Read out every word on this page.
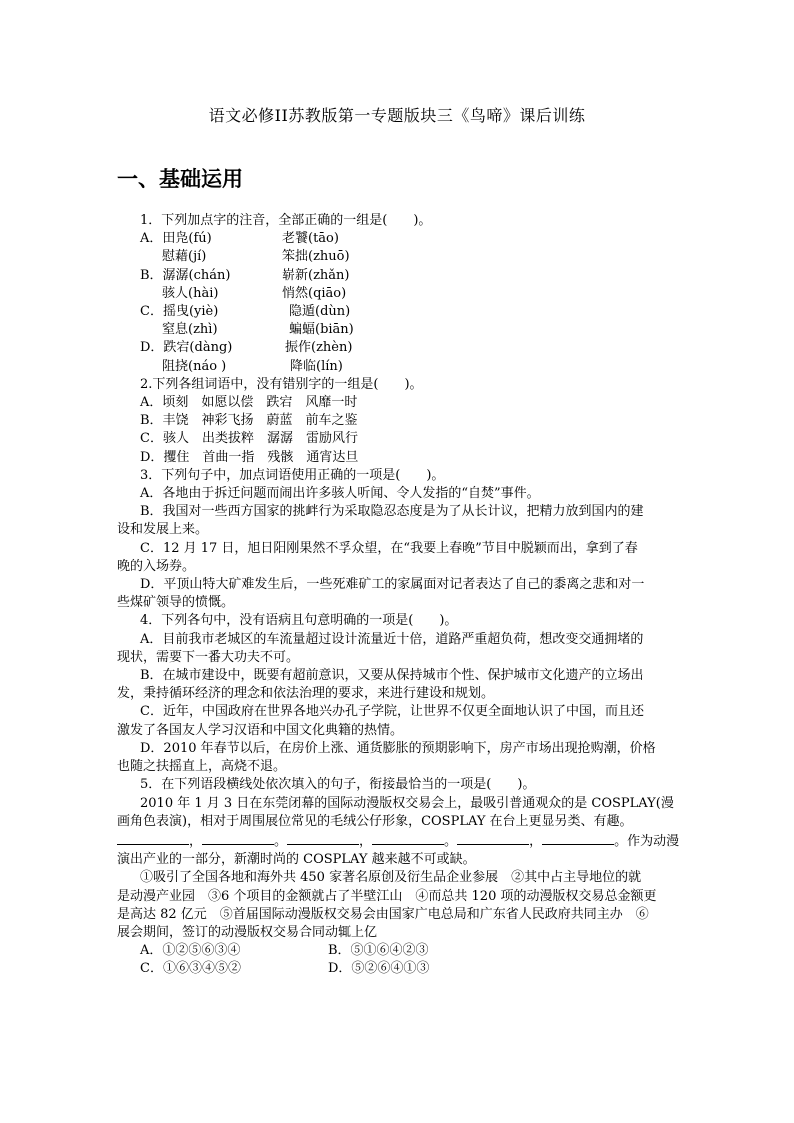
语文必修II苏教版第一专题版块三《鸟啼》课后训练
一、基础运用

1．下列加点字的注音，全部正确的一组是(　　)。

A．田凫(fú)	老饕(tāo)

慰藉(jí)	笨拙(zhuō)

B．潺潺(chán)	崭新(zhǎn)

骇人(hài)	悄然(qiāo)

C．摇曳(yiè)	隐遁(dùn)

窒息(zhì)	蝙蝠(biān)

D．跌宕(dàng)	振作(zhèn)

阻挠(náo )	降临(lín)

2.下列各组词语中，没有错别字的一组是(　　)。

A．顷刻　如愿以偿　跌宕　风靡一时

B．丰饶　神彩飞扬　蔚蓝　前车之鉴

C．骇人　出类拔粹　潺潺　雷励风行

D．攫住　首曲一指　残骸　通宵达旦

3．下列句子中，加点词语使用正确的一项是(　　)。

A．各地由于拆迁问题而闹出许多骇人听闻、令人发指的“自焚”事件。

B．我国对一些西方国家的挑衅行为采取隐忍态度是为了从长计议，把精力放到国内的建

设和发展上来。

C．12 月 17 日，旭日阳刚果然不孚众望，在“我要上春晚”节目中脱颖而出，拿到了春

晚的入场券。

D．平顶山特大矿难发生后，一些死难矿工的家属面对记者表达了自己的黍离之悲和对一

些煤矿领导的愤慨。

4．下列各句中，没有语病且句意明确的一项是(　　)。

A．目前我市老城区的车流量超过设计流量近十倍，道路严重超负荷，想改变交通拥堵的

现状，需要下一番大功夫不可。

B．在城市建设中，既要有超前意识，又要从保持城市个性、保护城市文化遗产的立场出

发，秉持循环经济的理念和依法治理的要求，来进行建设和规划。

C．近年，中国政府在世界各地兴办孔子学院，让世界不仅更全面地认识了中国，而且还

激发了各国友人学习汉语和中国文化典籍的热情。

D．2010 年春节以后，在房价上涨、通货膨胀的预期影响下，房产市场出现抢购潮，价格

也随之扶摇直上，高烧不退。

5．在下列语段横线处依次填入的句子，衔接最恰当的一项是(　　)。

2010 年 1 月 3 日在东莞闭幕的国际动漫版权交易会上，最吸引普通观众的是 COSPLAY(漫

画角色表演)，相对于周围展位常见的毛绒公仔形象，COSPLAY 在台上更显另类、有趣。

，	。	，	。	，	。作为动漫

演出产业的一部分，新潮时尚的 COSPLAY 越来越不可或缺。

①吸引了全国各地和海外共 450 家著名原创及衍生品企业参展　②其中占主导地位的就

是动漫产业园　③6 个项目的金额就占了半壁江山　④而总共 120 项的动漫版权交易总金额更

是高达 82 亿元　⑤首届国际动漫版权交易会由国家广电总局和广东省人民政府共同主办　⑥

展会期间，签订的动漫版权交易合同动辄上亿

A．①②⑤⑥③④	B．⑤①⑥④②③

C．①⑥③④⑤②	D．⑤②⑥④①③
